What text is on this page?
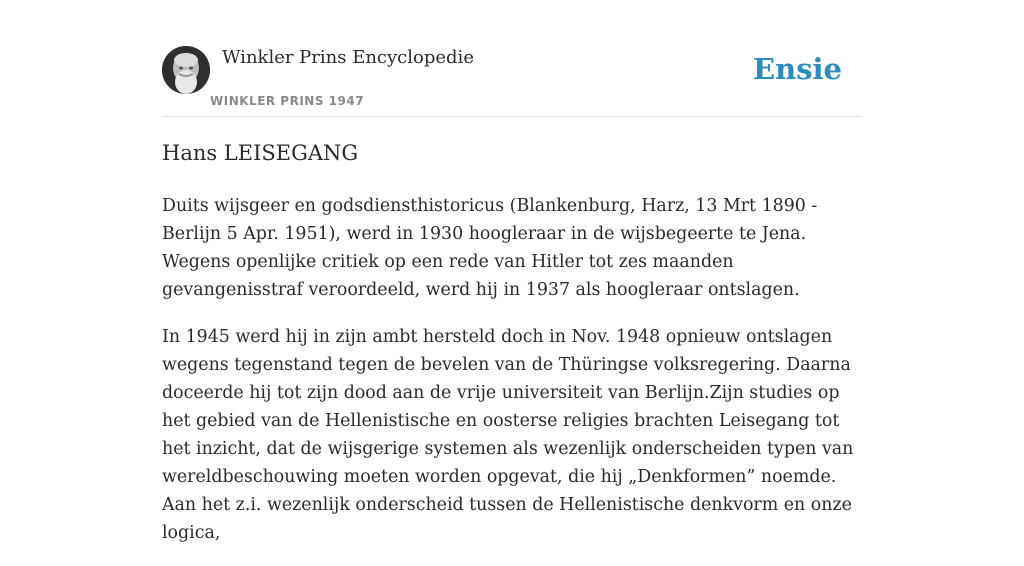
Winkler Prins Encyclopedie
WINKLER PRINS 1947
Ensie
Hans LEISEGANG

Duits wijsgeer en godsdiensthistoricus (Blankenburg, Harz, 13 Mrt 1890 - Berlijn 5 Apr. 1951), werd in 1930 hoogleraar in de wijsbegeerte te Jena. Wegens openlijke critiek op een rede van Hitler tot zes maanden gevangenisstraf veroordeeld, werd hij in 1937 als hoogleraar ontslagen.

In 1945 werd hij in zijn ambt hersteld doch in Nov. 1948 opnieuw ontslagen wegens tegenstand tegen de bevelen van de Thüringse volksregering. Daarna doceerde hij tot zijn dood aan de vrije universiteit van Berlijn.Zijn studies op het gebied van de Hellenistische en oosterse religies brachten Leisegang tot het inzicht, dat de wijsgerige systemen als wezenlijk onderscheiden typen van wereldbeschouwing moeten worden opgevat, die hij „Denkformen” noemde. Aan het z.i. wezenlijk onderscheid tussen de Hellenistische denkvorm en onze logica,
